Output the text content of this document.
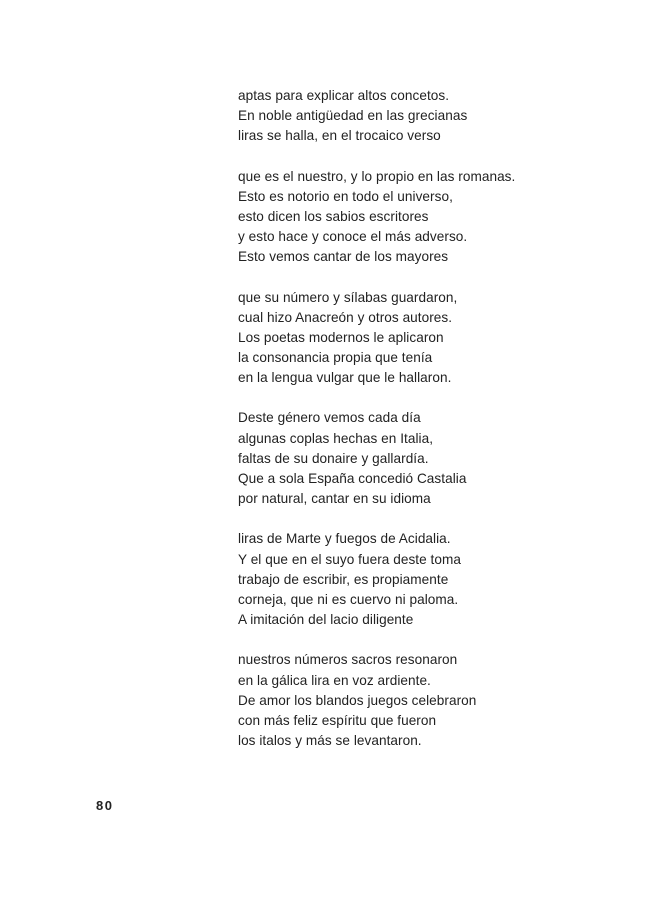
aptas para explicar altos concetos.
En noble antigüedad en las grecianas
liras se halla, en el trocaico verso
que es el nuestro, y lo propio en las romanas.
Esto es notorio en todo el universo,
esto dicen los sabios escritores
y esto hace y conoce el más adverso.
Esto vemos cantar de los mayores
que su número y sílabas guardaron,
cual hizo Anacreón y otros autores.
Los poetas modernos le aplicaron
la consonancia propia que tenía
en la lengua vulgar que le hallaron.
Deste género vemos cada día
algunas coplas hechas en Italia,
faltas de su donaire y gallardía.
Que a sola España concedió Castalia
por natural, cantar en su idioma
liras de Marte y fuegos de Acidalia.
Y el que en el suyo fuera deste toma
trabajo de escribir, es propiamente
corneja, que ni es cuervo ni paloma.
A imitación del lacio diligente
nuestros números sacros resonaron
en la gálica lira en voz ardiente.
De amor los blandos juegos celebraron
con más feliz espíritu que fueron
los italos y más se levantaron.
80
